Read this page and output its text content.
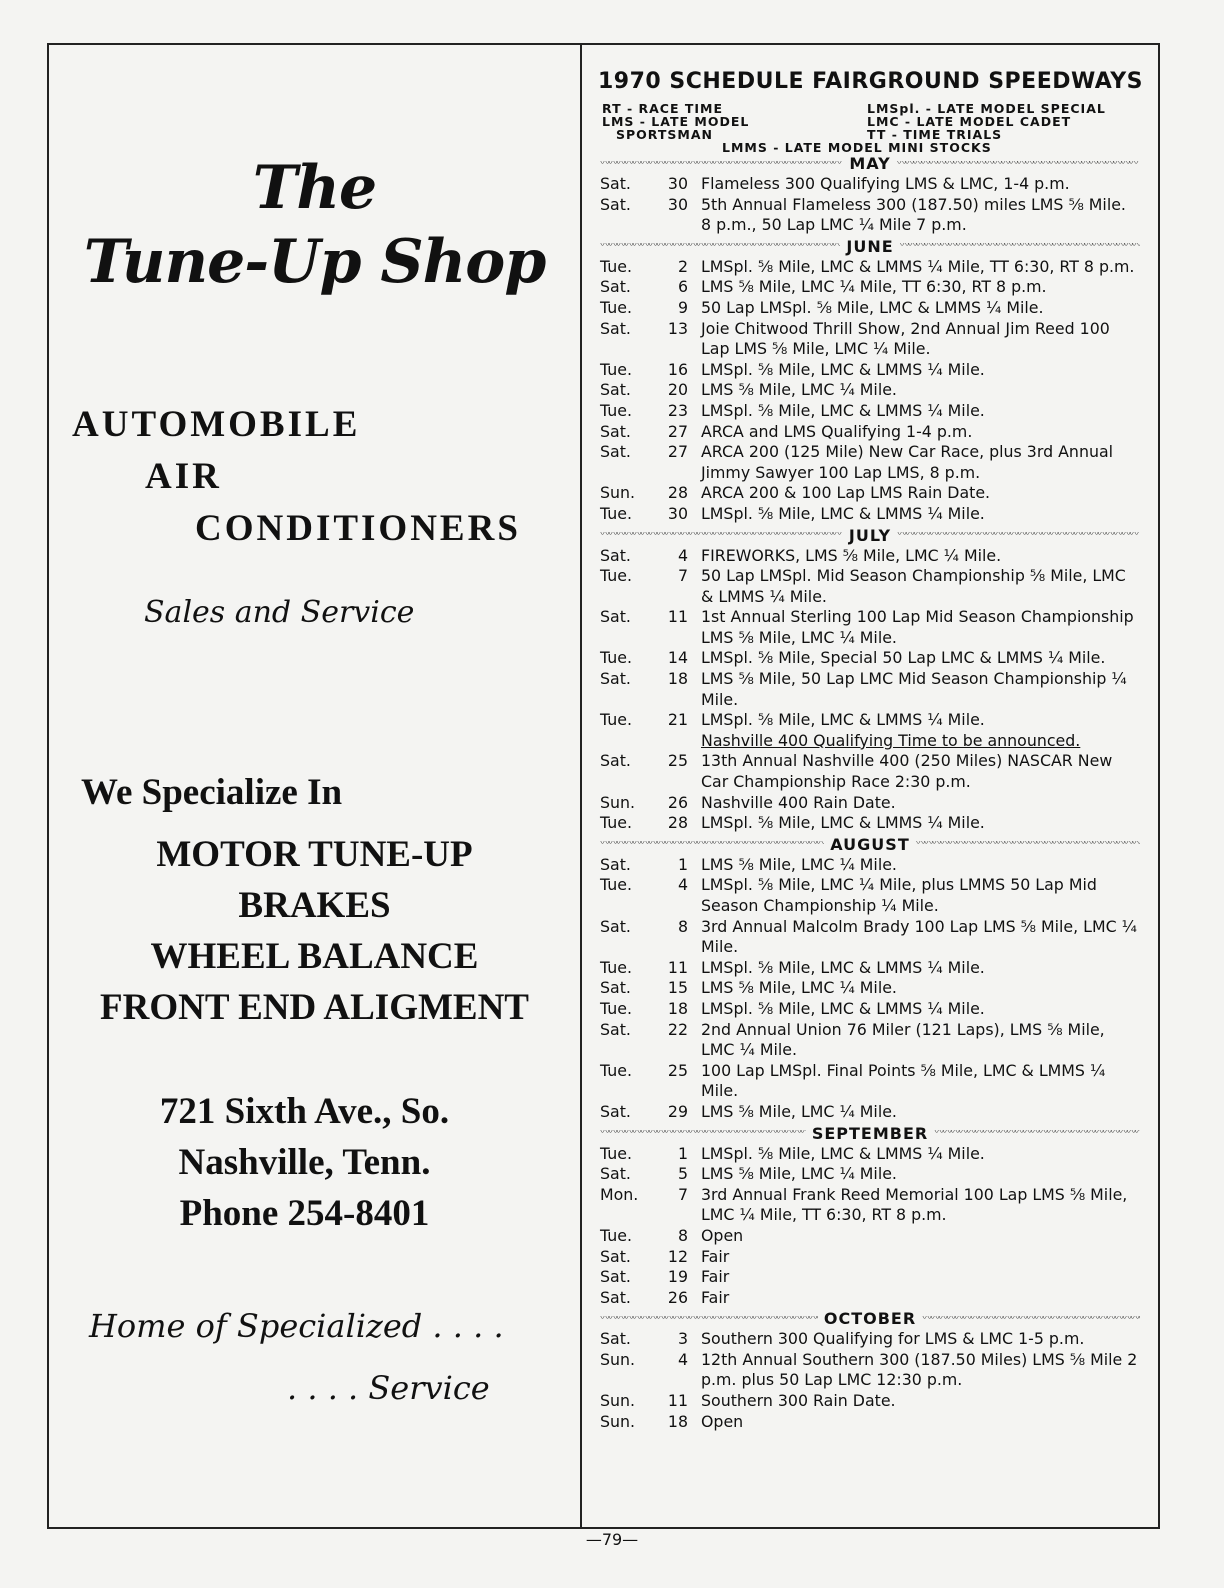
The
Tune-Up Shop
AUTOMOBILE
AIR
CONDITIONERS
Sales and Service
We Specialize In
MOTOR TUNE-UP
BRAKES
WHEEL BALANCE
FRONT END ALIGMENT
721 Sixth Ave., So.
Nashville, Tenn.
Phone 254-8401
Home of Specialized . . . .
. . . . Service
1970 SCHEDULE FAIRGROUND SPEEDWAYS
RT - RACE TIME
LMS - LATE MODEL
SPORTSMAN
LMSpl. - LATE MODEL SPECIAL
LMC - LATE MODEL CADET
TT - TIME TRIALS
LMMS - LATE MODEL MINI STOCKS
〰〰〰〰〰〰〰〰〰〰〰〰〰〰〰〰〰〰〰〰〰〰〰〰〰〰〰〰〰〰
MAY
〰〰〰〰〰〰〰〰〰〰〰〰〰〰〰〰〰〰〰〰〰〰〰〰〰〰〰〰〰〰
Sat.	30 Flameless 300 Qualifying LMS & LMC, 1-4 p.m.
Sat.	30 5th Annual Flameless 300 (187.50) miles LMS ⅝ Mile. 8 p.m., 50 Lap LMC ¼ Mile 7 p.m.
〰〰〰〰〰〰〰〰〰〰〰〰〰〰〰〰〰〰〰〰〰〰〰〰〰〰〰〰〰〰
JUNE
〰〰〰〰〰〰〰〰〰〰〰〰〰〰〰〰〰〰〰〰〰〰〰〰〰〰〰〰〰〰
Tue.	2 LMSpl. ⅝ Mile, LMC & LMMS ¼ Mile, TT 6:30, RT 8 p.m.
Sat.	6 LMS ⅝ Mile, LMC ¼ Mile, TT 6:30, RT 8 p.m.
Tue.	9 50 Lap LMSpl. ⅝ Mile, LMC & LMMS ¼ Mile.
Sat.	13 Joie Chitwood Thrill Show, 2nd Annual Jim Reed 100 Lap LMS ⅝ Mile, LMC ¼ Mile.
Tue.	16 LMSpl. ⅝ Mile, LMC & LMMS ¼ Mile.
Sat.	20 LMS ⅝ Mile, LMC ¼ Mile.
Tue.	23 LMSpl. ⅝ Mile, LMC & LMMS ¼ Mile.
Sat.	27 ARCA and LMS Qualifying 1-4 p.m.
Sat.	27 ARCA 200 (125 Mile) New Car Race, plus 3rd Annual Jimmy Sawyer 100 Lap LMS, 8 p.m.
Sun.	28 ARCA 200 & 100 Lap LMS Rain Date.
Tue.	30 LMSpl. ⅝ Mile, LMC & LMMS ¼ Mile.
〰〰〰〰〰〰〰〰〰〰〰〰〰〰〰〰〰〰〰〰〰〰〰〰〰〰〰〰〰〰
JULY
〰〰〰〰〰〰〰〰〰〰〰〰〰〰〰〰〰〰〰〰〰〰〰〰〰〰〰〰〰〰
Sat.	4 FIREWORKS, LMS ⅝ Mile, LMC ¼ Mile.
Tue.	7 50 Lap LMSpl. Mid Season Championship ⅝ Mile, LMC & LMMS ¼ Mile.
Sat.	11 1st Annual Sterling 100 Lap Mid Season Championship LMS ⅝ Mile, LMC ¼ Mile.
Tue.	14 LMSpl. ⅝ Mile, Special 50 Lap LMC & LMMS ¼ Mile.
Sat.	18 LMS ⅝ Mile, 50 Lap LMC Mid Season Championship ¼ Mile.
Tue.	21 LMSpl. ⅝ Mile, LMC & LMMS ¼ Mile.
Nashville 400 Qualifying Time to be announced.
Sat.	25 13th Annual Nashville 400 (250 Miles) NASCAR New Car Championship Race 2:30 p.m.
Sun.	26 Nashville 400 Rain Date.
Tue.	28 LMSpl. ⅝ Mile, LMC & LMMS ¼ Mile.
〰〰〰〰〰〰〰〰〰〰〰〰〰〰〰〰〰〰〰〰〰〰〰〰〰〰〰〰〰〰
AUGUST
〰〰〰〰〰〰〰〰〰〰〰〰〰〰〰〰〰〰〰〰〰〰〰〰〰〰〰〰〰〰
Sat.	1 LMS ⅝ Mile, LMC ¼ Mile.
Tue.	4 LMSpl. ⅝ Mile, LMC ¼ Mile, plus LMMS 50 Lap Mid Season Championship ¼ Mile.
Sat.	8 3rd Annual Malcolm Brady 100 Lap LMS ⅝ Mile, LMC ¼ Mile.
Tue.	11 LMSpl. ⅝ Mile, LMC & LMMS ¼ Mile.
Sat.	15 LMS ⅝ Mile, LMC ¼ Mile.
Tue.	18 LMSpl. ⅝ Mile, LMC & LMMS ¼ Mile.
Sat.	22 2nd Annual Union 76 Miler (121 Laps), LMS ⅝ Mile, LMC ¼ Mile.
Tue.	25 100 Lap LMSpl. Final Points ⅝ Mile, LMC & LMMS ¼ Mile.
Sat.	29 LMS ⅝ Mile, LMC ¼ Mile.
〰〰〰〰〰〰〰〰〰〰〰〰〰〰〰〰〰〰〰〰〰〰〰〰〰〰〰〰〰〰
SEPTEMBER
〰〰〰〰〰〰〰〰〰〰〰〰〰〰〰〰〰〰〰〰〰〰〰〰〰〰〰〰〰〰
Tue.	1 LMSpl. ⅝ Mile, LMC & LMMS ¼ Mile.
Sat.	5 LMS ⅝ Mile, LMC ¼ Mile.
Mon.	7 3rd Annual Frank Reed Memorial 100 Lap LMS ⅝ Mile, LMC ¼ Mile, TT 6:30, RT 8 p.m.
Tue.	8 Open
Sat.	12 Fair
Sat.	19 Fair
Sat.	26 Fair
〰〰〰〰〰〰〰〰〰〰〰〰〰〰〰〰〰〰〰〰〰〰〰〰〰〰〰〰〰〰
OCTOBER
〰〰〰〰〰〰〰〰〰〰〰〰〰〰〰〰〰〰〰〰〰〰〰〰〰〰〰〰〰〰
Sat.	3 Southern 300 Qualifying for LMS & LMC 1-5 p.m.
Sun.	4 12th Annual Southern 300 (187.50 Miles) LMS ⅝ Mile 2 p.m. plus 50 Lap LMC 12:30 p.m.
Sun.	11 Southern 300 Rain Date.
Sun.	18 Open
—79—
